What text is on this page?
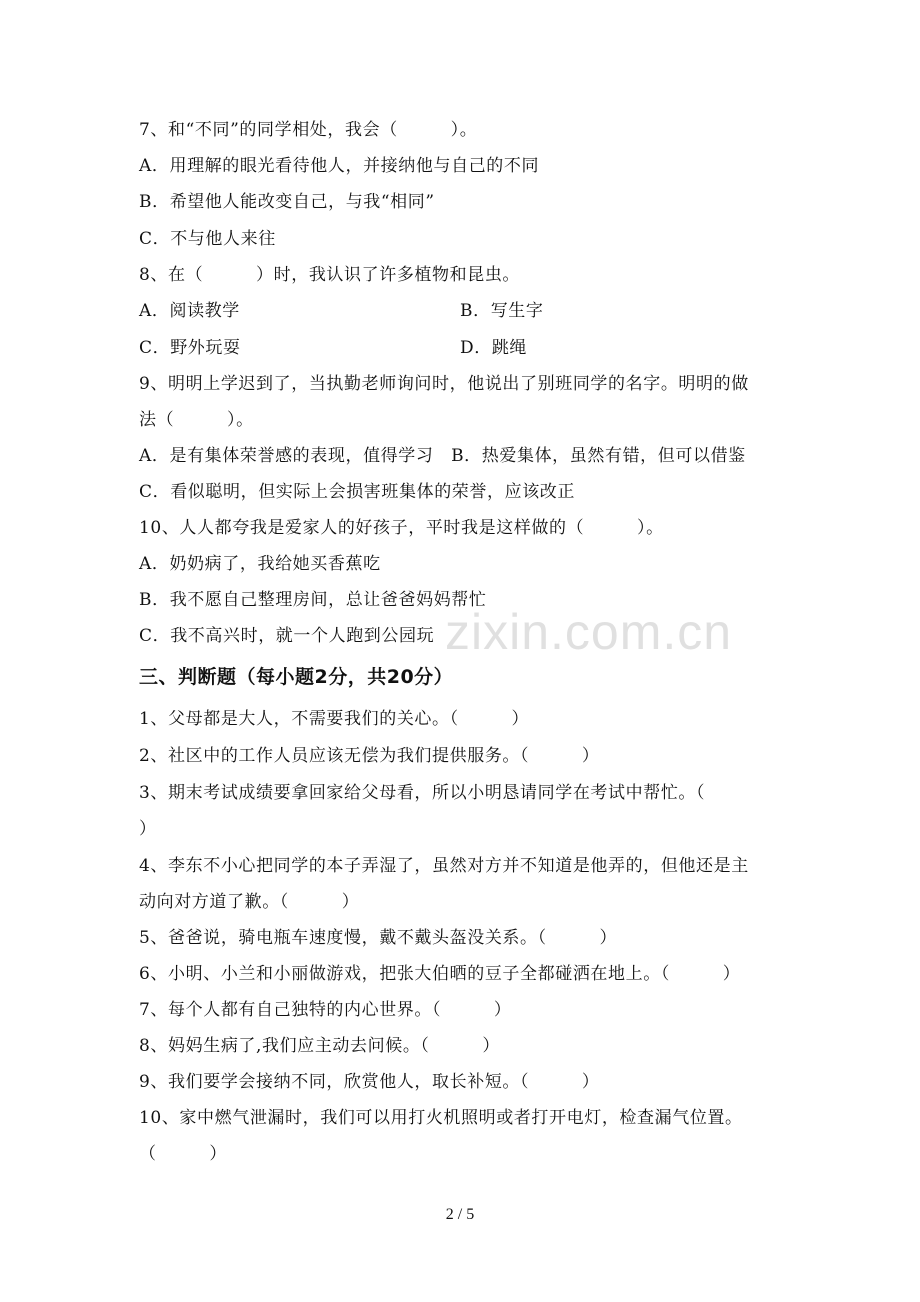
zixin.com.cn
7、和“不同”的同学相处，我会（　　　）。
A．用理解的眼光看待他人，并接纳他与自己的不同
B．希望他人能改变自己，与我“相同”
C．不与他人来往
8、在（　　　）时，我认识了许多植物和昆虫。
A．阅读教学	B．写生字
C．野外玩耍	D．跳绳
9、明明上学迟到了，当执勤老师询问时，他说出了别班同学的名字。明明的做
法（　　　）。
A．是有集体荣誉感的表现，值得学习　B．热爱集体，虽然有错，但可以借鉴
C．看似聪明，但实际上会损害班集体的荣誉，应该改正
10、人人都夸我是爱家人的好孩子，平时我是这样做的（　　　）。
A．奶奶病了，我给她买香蕉吃
B．我不愿自己整理房间，总让爸爸妈妈帮忙
C．我不高兴时，就一个人跑到公园玩
三、判断题（每小题2分，共20分）
1、父母都是大人，不需要我们的关心。（　　　）
2、社区中的工作人员应该无偿为我们提供服务。（　　　）
3、期末考试成绩要拿回家给父母看，所以小明恳请同学在考试中帮忙。（
）
4、李东不小心把同学的本子弄湿了，虽然对方并不知道是他弄的，但他还是主
动向对方道了歉。（　　　）
5、爸爸说，骑电瓶车速度慢，戴不戴头盔没关系。（　　　）
6、小明、小兰和小丽做游戏，把张大伯晒的豆子全都碰洒在地上。（　　　）
7、每个人都有自己独特的内心世界。（　　　）
8、妈妈生病了,我们应主动去问候。（　　　）
9、我们要学会接纳不同，欣赏他人，取长补短。（　　　）
10、家中燃气泄漏时，我们可以用打火机照明或者打开电灯，检查漏气位置。
（　　　）
2 / 5
